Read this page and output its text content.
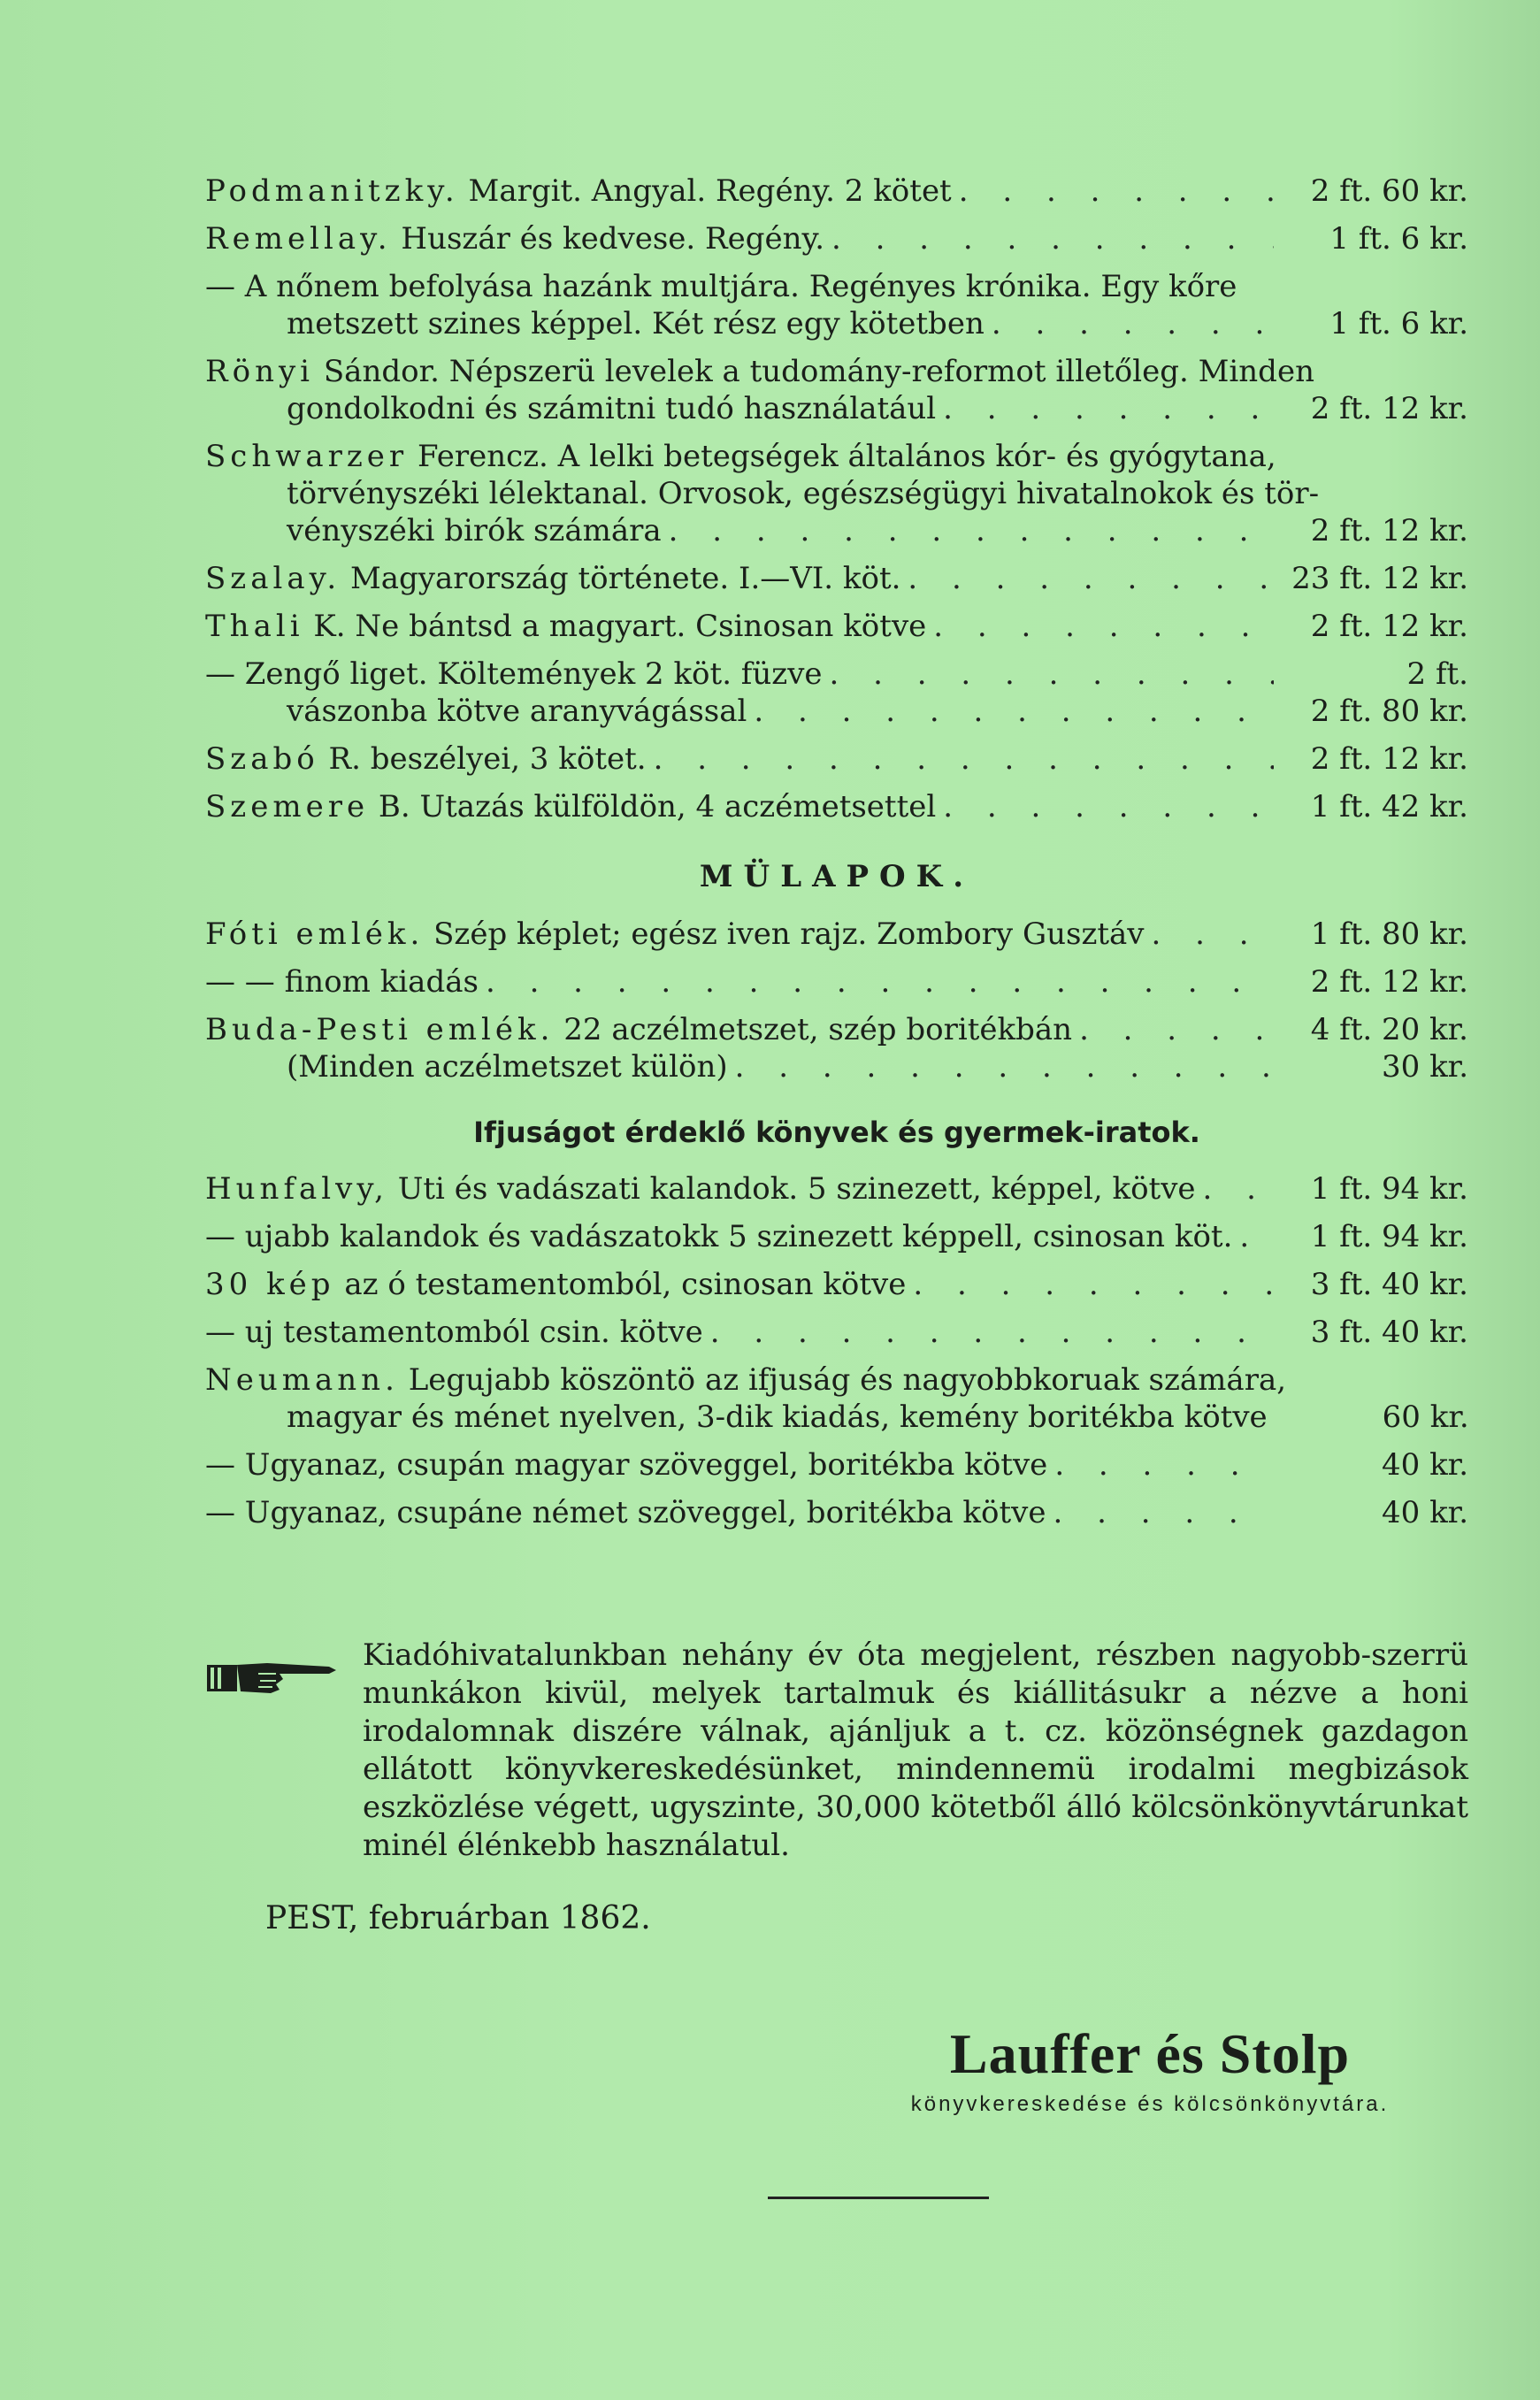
Podmanitzky. Margit. Angyal. Regény. 2 kötet . . .	2 ft. 60 kr.
Remellay. Huszár és kedvese. Regény. . . .	1 ft. 6 kr.
— A nőnem befolyása hazánk multjára. Regényes krónika. Egy kőre
metszett szines képpel. Két rész egy kötetben . . .	1 ft. 6 kr.
Rönyi Sándor. Népszerü levelek a tudomány-reformot illetőleg. Minden
gondolkodni és számitni tudó használatául . . .	2 ft. 12 kr.
Schwarzer Ferencz. A lelki betegségek általános kór- és gyógytana,
törvényszéki lélektanal. Orvosok, egészségügyi hivatalnokok és tör-
vényszéki birók számára . . .	2 ft. 12 kr.
Szalay. Magyarország története. I.—VI. köt. . . .	23 ft. 12 kr.
Thali K. Ne bántsd a magyart. Csinosan kötve . . .	2 ft. 12 kr.
— Zengő liget. Költemények 2 köt. füzve . . .	2 ft.
vászonba kötve aranyvágással . . .	2 ft. 80 kr.
Szabó R. beszélyei, 3 kötet. . . .	2 ft. 12 kr.
Szemere B. Utazás külföldön, 4 aczémetsettel . . .	1 ft. 42 kr.
MÜLAPOK.
Fóti emlék. Szép képlet; egész iven rajz. Zombory Gusztáv . . .	1 ft. 80 kr.
— — finom kiadás . . .	2 ft. 12 kr.
Buda-Pesti emlék. 22 aczélmetszet, szép boritékbán . . .	4 ft. 20 kr.
(Minden aczélmetszet külön) . . .	30 kr.
Ifjuságot érdeklő könyvek és gyermek-iratok.
Hunfalvy, Uti és vadászati kalandok. 5 szinezett, képpel, kötve . . .	1 ft. 94 kr.
— ujabb kalandok és vadászatokk 5 szinezett képpell, csinosan köt. . . .	1 ft. 94 kr.
30 kép az ó testamentomból, csinosan kötve . . .	3 ft. 40 kr.
— uj testamentomból csin. kötve . . .	3 ft. 40 kr.
Neumann. Legujabb köszöntö az ifjuság és nagyobbkoruak számára,
magyar és ménet nyelven, 3-dik kiadás, kemény boritékba kötve . . .	60 kr.
— Ugyanaz, csupán magyar szöveggel, boritékba kötve . . .	40 kr.
— Ugyanaz, csupáne német szöveggel, boritékba kötve . . .	40 kr.
Kiadóhivatalunkban nehány év óta megjelent, részben nagyobb-szerrü munkákon kivül, melyek tartalmuk és kiállitásukr a nézve a honi irodalomnak diszére válnak, ajánljuk a t. cz. közönségnek gazdagon ellátott könyvkereskedésünket, mindennemü irodalmi megbizások eszközlése végett, ugyszinte, 30,000 kötetből álló kölcsönkönyvtárunkat minél élénkebb használatul.
PEST, februárban 1862.
Lauffer és Stolp
könyvkereskedése és kölcsönkönyvtára.
